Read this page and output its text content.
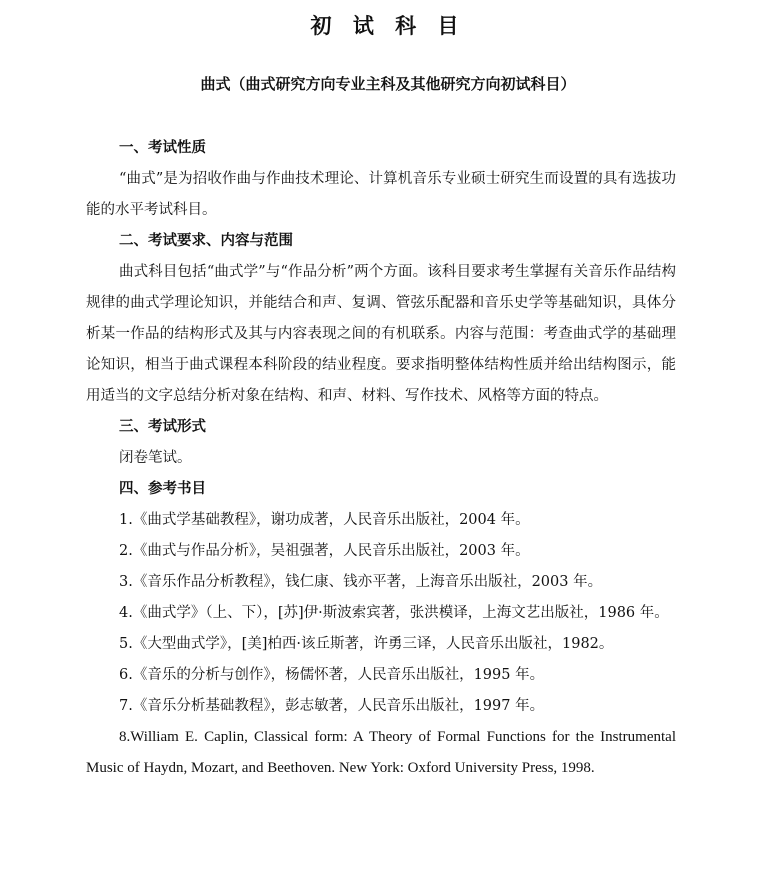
初 试 科 目
曲式（曲式研究方向专业主科及其他研究方向初试科目）
一、考试性质

“曲式”是为招收作曲与作曲技术理论、计算机音乐专业硕士研究生而设置的具有选拔功能的水平考试科目。

二、考试要求、内容与范围

曲式科目包括“曲式学”与“作品分析”两个方面。该科目要求考生掌握有关音乐作品结构规律的曲式学理论知识，并能结合和声、复调、管弦乐配器和音乐史学等基础知识，具体分析某一作品的结构形式及其与内容表现之间的有机联系。内容与范围：考查曲式学的基础理论知识，相当于曲式课程本科阶段的结业程度。要求指明整体结构性质并给出结构图示，能用适当的文字总结分析对象在结构、和声、材料、写作技术、风格等方面的特点。

三、考试形式
闭卷笔试。
四、参考书目
1.《曲式学基础教程》，谢功成著，人民音乐出版社，2004 年。
2.《曲式与作品分析》，吴祖强著，人民音乐出版社，2003 年。
3.《音乐作品分析教程》，钱仁康、钱亦平著，上海音乐出版社，2003 年。
4.《曲式学》（上、下），[苏]伊·斯波索宾著，张洪模译，上海文艺出版社，1986 年。
5.《大型曲式学》，[美]柏西·该丘斯著，许勇三译，人民音乐出版社，1982。
6.《音乐的分析与创作》，杨儒怀著，人民音乐出版社，1995 年。
7.《音乐分析基础教程》，彭志敏著，人民音乐出版社，1997 年。

8.William E. Caplin, Classical form: A Theory of Formal Functions for the Instrumental Music of Haydn, Mozart, and Beethoven. New York: Oxford University Press, 1998.
